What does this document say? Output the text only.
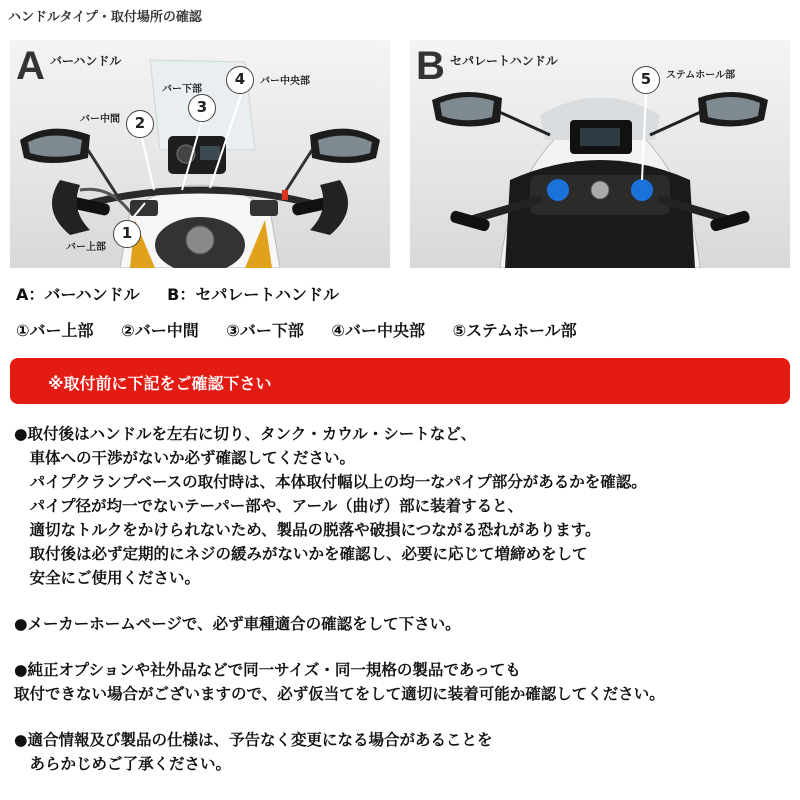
ハンドルタイプ・取付場所の確認
A バーハンドル
1
バー上部
2
バー中間
3
バー下部
4	バー中央部	B セパレートハンドル
5	ステムホール部
A：バーハンドル B：セパレートハンドル
①バー上部 ②バー中間 ③バー下部 ④バー中央部 ⑤ステムホール部
※取付前に下記をご確認下さい
●取付後はハンドルを左右に切り、タンク・カウル・シートなど、
　車体への干渉がないか必ず確認してください。
　パイプクランプベースの取付時は、本体取付幅以上の均一なパイプ部分があるかを確認。
　パイプ径が均一でないテーパー部や、アール（曲げ）部に装着すると、
　適切なトルクをかけられないため、製品の脱落や破損につながる恐れがあります。
　取付後は必ず定期的にネジの緩みがないかを確認し、必要に応じて増締めをして
　安全にご使用ください。
●メーカーホームページで、必ず車種適合の確認をして下さい。
●純正オプションや社外品などで同一サイズ・同一規格の製品であっても
取付できない場合がございますので、必ず仮当てをして適切に装着可能か確認してください。
●適合情報及び製品の仕様は、予告なく変更になる場合があることを
　あらかじめご了承ください。
